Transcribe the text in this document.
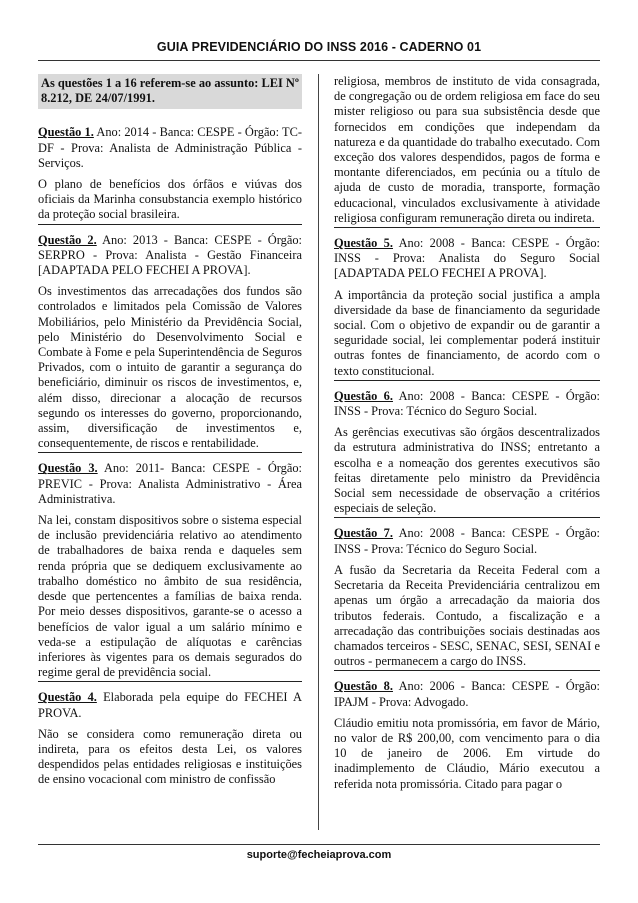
GUIA PREVIDENCIÁRIO DO INSS 2016 - CADERNO 01
As questões 1 a 16 referem-se ao assunto: LEI Nº 8.212, DE 24/07/1991.

Questão 1. Ano: 2014 - Banca: CESPE - Órgão: TC-DF - Prova: Analista de Administração Pública - Serviços.

O plano de benefícios dos órfãos e viúvas dos oficiais da Marinha consubstancia exemplo histórico da proteção social brasileira.

Questão 2. Ano: 2013 - Banca: CESPE - Órgão: SERPRO - Prova: Analista - Gestão Financeira [ADAPTADA PELO FECHEI A PROVA].

Os investimentos das arrecadações dos fundos são controlados e limitados pela Comissão de Valores Mobiliários, pelo Ministério da Previdência Social, pelo Ministério do Desenvolvimento Social e Combate à Fome e pela Superintendência de Seguros Privados, com o intuito de garantir a segurança do beneficiário, diminuir os riscos de investimentos, e, além disso, direcionar a alocação de recursos segundo os interesses do governo, proporcionando, assim, diversificação de investimentos e, consequentemente, de riscos e rentabilidade.

Questão 3. Ano: 2011- Banca: CESPE - Órgão: PREVIC - Prova: Analista Administrativo - Área Administrativa.

Na lei, constam dispositivos sobre o sistema especial de inclusão previdenciária relativo ao atendimento de trabalhadores de baixa renda e daqueles sem renda própria que se dediquem exclusivamente ao trabalho doméstico no âmbito de sua residência, desde que pertencentes a famílias de baixa renda. Por meio desses dispositivos, garante-se o acesso a benefícios de valor igual a um salário mínimo e veda-se a estipulação de alíquotas e carências inferiores às vigentes para os demais segurados do regime geral de previdência social.

Questão 4. Elaborada pela equipe do FECHEI A PROVA.

Não se considera como remuneração direta ou indireta, para os efeitos desta Lei, os valores despendidos pelas entidades religiosas e instituições de ensino vocacional com ministro de confissão

religiosa, membros de instituto de vida consagrada, de congregação ou de ordem religiosa em face do seu mister religioso ou para sua subsistência desde que fornecidos em condições que independam da natureza e da quantidade do trabalho executado. Com exceção dos valores despendidos, pagos de forma e montante diferenciados, em pecúnia ou a título de ajuda de custo de moradia, transporte, formação educacional, vinculados exclusivamente à atividade religiosa configuram remuneração direta ou indireta.

Questão 5. Ano: 2008 - Banca: CESPE - Órgão: INSS - Prova: Analista do Seguro Social [ADAPTADA PELO FECHEI A PROVA].

A importância da proteção social justifica a ampla diversidade da base de financiamento da seguridade social. Com o objetivo de expandir ou de garantir a seguridade social, lei complementar poderá instituir outras fontes de financiamento, de acordo com o texto constitucional.

Questão 6. Ano: 2008 - Banca: CESPE - Órgão: INSS - Prova: Técnico do Seguro Social.

As gerências executivas são órgãos descentralizados da estrutura administrativa do INSS; entretanto a escolha e a nomeação dos gerentes executivos são feitas diretamente pelo ministro da Previdência Social sem necessidade de observação a critérios especiais de seleção.

Questão 7. Ano: 2008 - Banca: CESPE - Órgão: INSS - Prova: Técnico do Seguro Social.

A fusão da Secretaria da Receita Federal com a Secretaria da Receita Previdenciária centralizou em apenas um órgão a arrecadação da maioria dos tributos federais. Contudo, a fiscalização e a arrecadação das contribuições sociais destinadas aos chamados terceiros - SESC, SENAC, SESI, SENAI e outros - permanecem a cargo do INSS.

Questão 8. Ano: 2006 - Banca: CESPE - Órgão: IPAJM - Prova: Advogado.

Cláudio emitiu nota promissória, em favor de Mário, no valor de R$ 200,00, com vencimento para o dia 10 de janeiro de 2006. Em virtude do inadimplemento de Cláudio, Mário executou a referida nota promissória. Citado para pagar o

suporte@fecheiaprova.com
